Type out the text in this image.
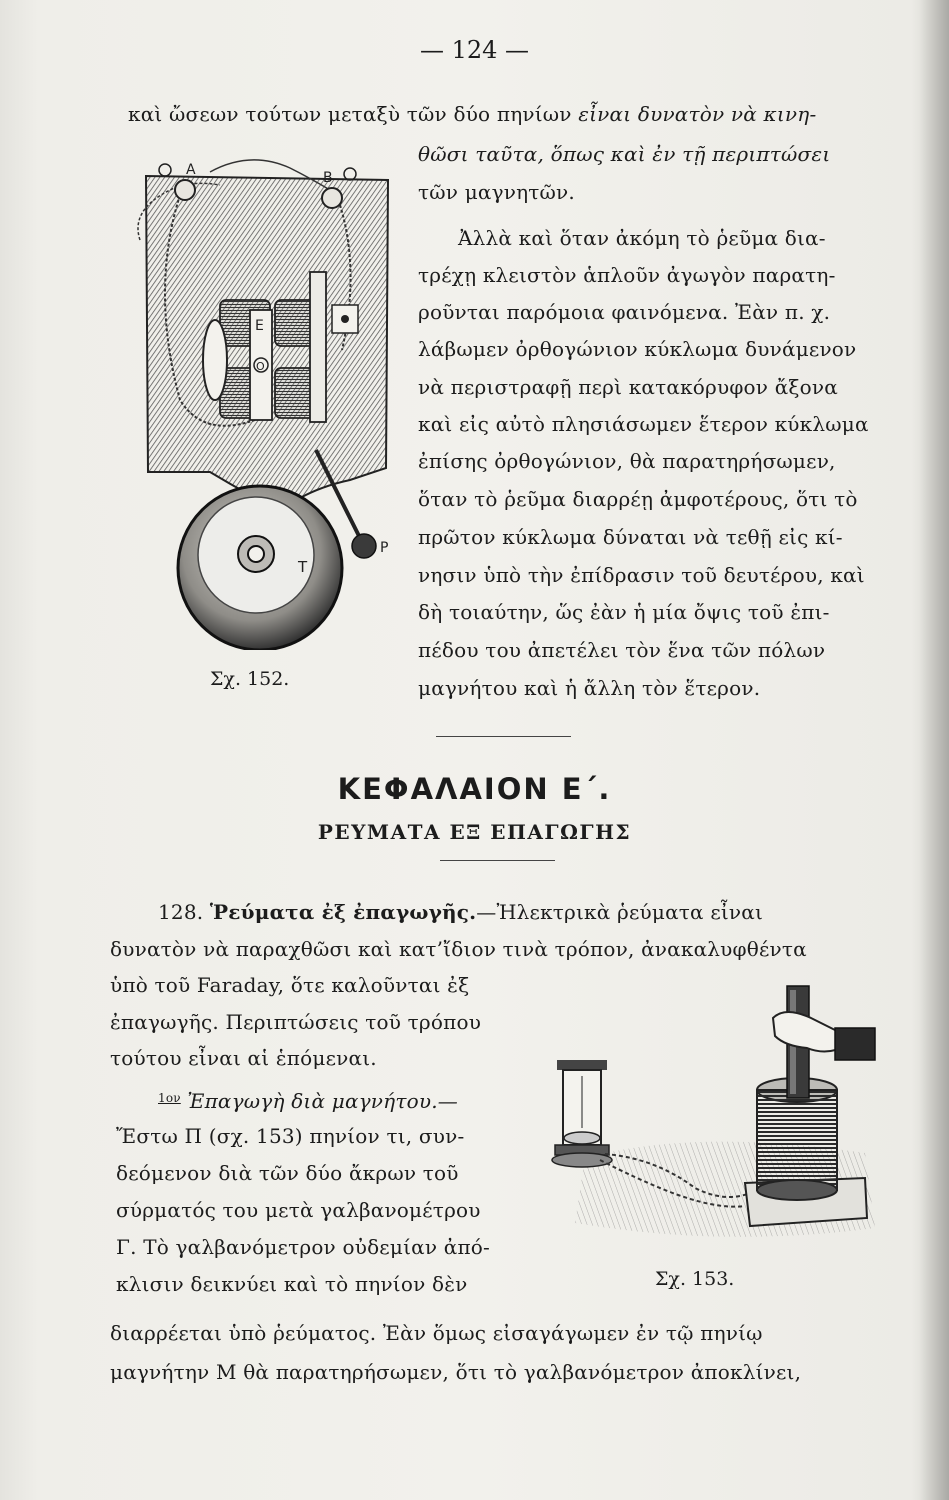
— 124 —
καὶ ὤσεων τούτων μεταξὺ τῶν δύο πηνίων εἶναι δυνατὸν νὰ κινη-
θῶσι ταῦτα, ὅπως καὶ ἐν τῇ περιπτώσει
τῶν μαγνητῶν.
Ἀλλὰ καὶ ὅταν ἀκόμη τὸ ῥεῦμα δια-
τρέχῃ κλειστὸν ἁπλοῦν ἀγωγὸν παρατη-
ροῦνται παρόμοια φαινόμενα. Ἐὰν π. χ.
λάβωμεν ὀρθογώνιον κύκλωμα δυνάμενον
νὰ περιστραφῇ περὶ κατακόρυφον ἄξονα
καὶ εἰς αὐτὸ πλησιάσωμεν ἕτερον κύκλωμα
ἐπίσης ὀρθογώνιον, θὰ παρατηρήσωμεν,
ὅταν τὸ ῥεῦμα διαρρέῃ ἀμφοτέρους, ὅτι τὸ
πρῶτον κύκλωμα δύναται νὰ τεθῇ εἰς κί-
νησιν ὑπὸ τὴν ἐπίδρασιν τοῦ δευτέρου, καὶ
δὴ τοιαύτην, ὥς ἐὰν ἡ μία ὄψις τοῦ ἐπι-
πέδου του ἀπετέλει τὸν ἕνα τῶν πόλων
μαγνήτου καὶ ἡ ἄλλη τὸν ἕτερον.
A	B
E
O
P
T
Σχ. 152.
ΚΕΦΑΛΑΙΟΝ Ε΄.
ΡΕΥΜΑΤΑ ΕΞ ΕΠΑΓΩΓΗΣ
128. Ῥεύματα ἐξ ἐπαγωγῆς.—Ἠλεκτρικὰ ῥεύματα εἶναι
δυνατὸν νὰ παραχθῶσι καὶ κατ’ἴδιον τινὰ τρόπον, ἀνακαλυφθέντα
ὑπὸ τοῦ Faraday, ὅτε καλοῦνται ἐξ
ἐπαγωγῆς. Περιπτώσεις τοῦ τρόπου
τούτου εἶναι αἱ ἑπόμεναι.
$^{1o\nu}$ Ἐπαγωγὴ διὰ μαγνήτου.—
Ἔστω Π (σχ. 153) πηνίον τι, συν-
δεόμενον διὰ τῶν δύο ἄκρων τοῦ
σύρματός του μετὰ γαλβανομέτρου
Γ. Τὸ γαλβανόμετρον οὐδεμίαν ἀπό-
κλισιν δεικνύει καὶ τὸ πηνίον δὲν
διαρρέεται ὑπὸ ῥεύματος. Ἐὰν ὅμως εἰσαγάγωμεν ἐν τῷ πηνίῳ
μαγνήτην Μ θὰ παρατηρήσωμεν, ὅτι τὸ γαλβανόμετρον ἀποκλίνει,
Σχ. 153.
